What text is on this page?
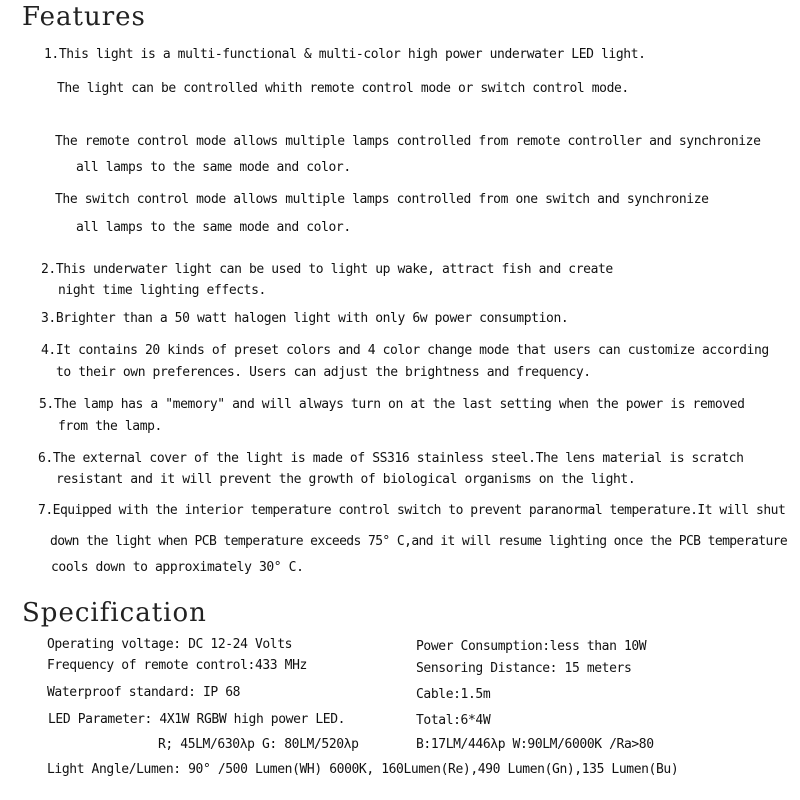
Features
1.This light is a multi-functional & multi-color high power underwater LED light.
The light can be controlled whith remote control mode or switch control mode.
The remote control mode allows multiple lamps controlled from remote controller and synchronize
all lamps to the same mode and color.
The switch control mode allows multiple lamps controlled from one switch and synchronize
all lamps to the same mode and color.
2.This underwater light can be used to light up wake, attract fish and create
night time lighting effects.
3.Brighter than a 50 watt halogen light with only 6w power consumption.
4.It contains 20 kinds of preset colors and 4 color change mode that users can customize according
to their own preferences. Users can adjust the brightness and frequency.
5.The lamp has a "memory" and will always turn on at the last setting when the power is removed
from the lamp.
6.The external cover of the light is made of SS316 stainless steel.The lens material is scratch
resistant and it will prevent the growth of biological organisms on the light.
7.Equipped with the interior temperature control switch to prevent paranormal temperature.It will shut
down the light when PCB temperature exceeds 75° C,and it will resume lighting once the PCB temperature
cools down to approximately 30° C.
Specification
Operating voltage: DC 12-24 Volts	Power Consumption:less than 10W
Frequency of remote control:433 MHz	Sensoring Distance: 15 meters
Waterproof standard: IP 68	Cable:1.5m
LED Parameter: 4X1W RGBW high power LED.	Total:6*4W
R; 45LM/630λp G: 80LM/520λp	B:17LM/446λp W:90LM/6000K /Ra>80
Light Angle/Lumen: 90° /500 Lumen(WH) 6000K, 160Lumen(Re),490 Lumen(Gn),135 Lumen(Bu)
